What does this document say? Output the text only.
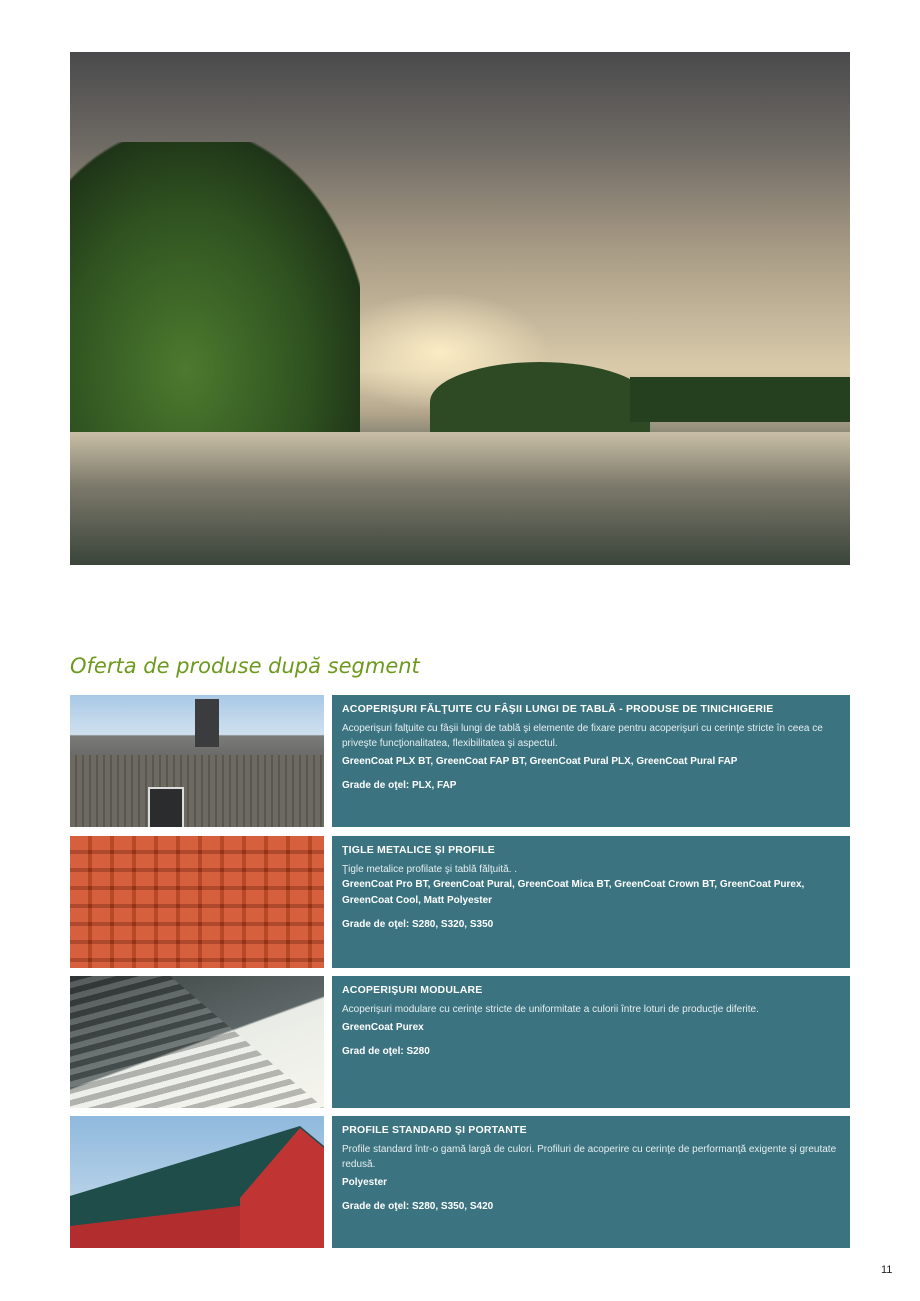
Oferta de produse după segment
ACOPERIŞURI FĂLŢUITE CU FÂŞII LUNGI DE TABLĂ - PRODUSE DE TINICHIGERIE

Acoperişuri falţuite cu fâşii lungi de tablă şi elemente de fixare pentru acoperişuri cu cerinţe stricte în ceea ce priveşte funcţionalitatea, flexibilitatea şi aspectul.

GreenCoat PLX BT, GreenCoat FAP BT, GreenCoat Pural PLX, GreenCoat Pural FAP

Grade de oţel: PLX, FAP

ŢIGLE METALICE ŞI PROFILE

Ţigle metalice profilate şi tablă fălţuită. .

GreenCoat Pro BT, GreenCoat Pural, GreenCoat Mica BT, GreenCoat Crown BT, GreenCoat Purex, GreenCoat Cool, Matt Polyester

Grade de oţel: S280, S320, S350

ACOPERIŞURI MODULARE

Acoperişuri modulare cu cerinţe stricte de uniformitate a culorii între loturi de producţie diferite.

GreenCoat Purex

Grad de oţel: S280

PROFILE STANDARD ŞI PORTANTE

Profile standard într-o gamă largă de culori. Profiluri de acoperire cu cerinţe de performanţă exigente şi greutate redusă.

Polyester

Grade de oţel: S280, S350, S420

11
